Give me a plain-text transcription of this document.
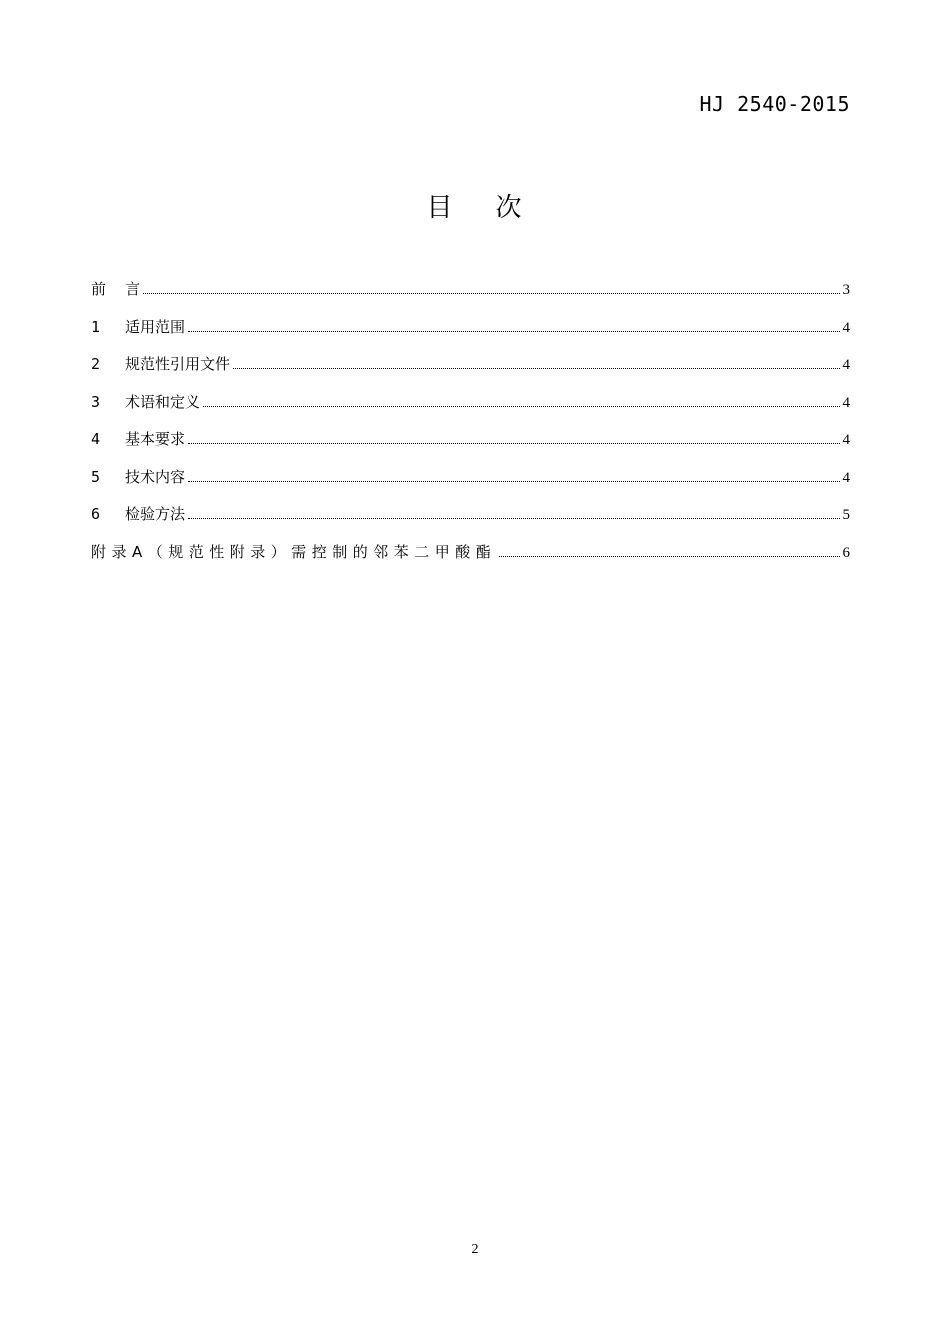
HJ 2540-2015
目    次
前    言	3
1	适用范围	4
2	规范性引用文件	4
3	术语和定义	4
4	基本要求	4
5	技术内容	4
6	检验方法	5
附录A（规范性附录）需控制的邻苯二甲酸酯	6
2
